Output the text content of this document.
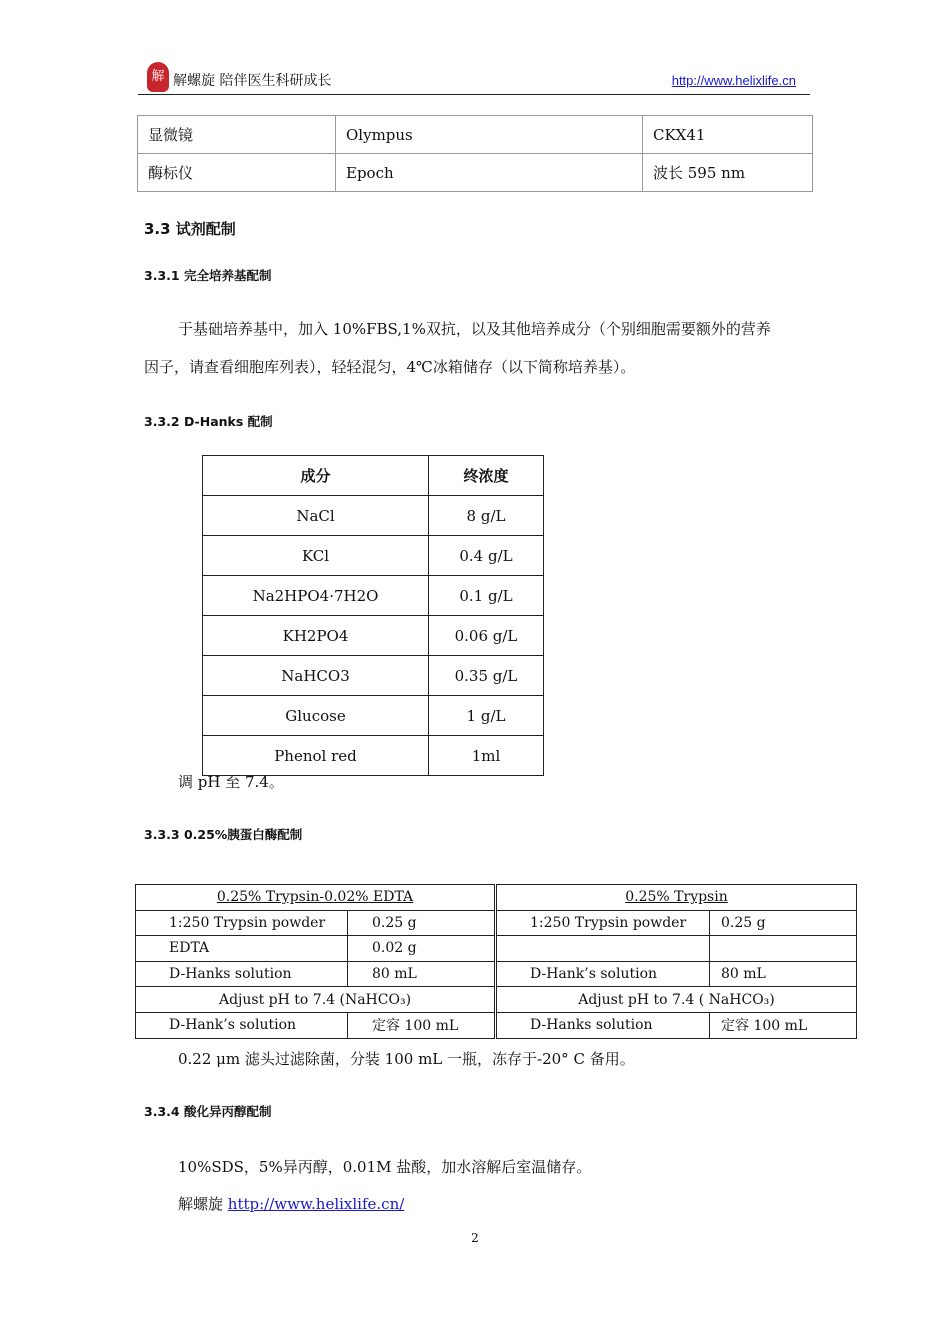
解 解螺旋 陪伴医生科研成长	http://www.helixlife.cn
显微镜	Olympus	CKX41
酶标仪	Epoch	波长 595 nm
3.3 试剂配制
3.3.1 完全培养基配制
于基础培养基中，加入 10%FBS,1%双抗，以及其他培养成分（个别细胞需要额外的营养
因子，请查看细胞库列表），轻轻混匀，4℃冰箱储存（以下简称培养基）。
3.3.2 D-Hanks 配制
成分	终浓度
NaCl	8 g/L
KCl	0.4 g/L
Na2HPO4·7H2O	0.1 g/L
KH2PO4	0.06 g/L
NaHCO3	0.35 g/L
Glucose	1 g/L
Phenol red	1ml
调 pH 至 7.4。
3.3.3 0.25%胰蛋白酶配制
0.25% Trypsin-0.02% EDTA			0.25% Trypsin	
1:250 Trypsin powder	0.25 g		1:250 Trypsin powder	0.25 g
EDTA	0.02 g			
D-Hanks solution	80 mL		D-Hank’s solution	80 mL
Adjust pH to 7.4 (NaHCO₃)			Adjust pH to 7.4 ( NaHCO₃)	
D-Hank’s solution	定容 100 mL		D-Hanks solution	定容 100 mL
0.22 μm 滤头过滤除菌，分装 100 mL 一瓶，冻存于-20° C 备用。
3.3.4 酸化异丙醇配制
10%SDS，5%异丙醇，0.01M 盐酸，加水溶解后室温储存。
解螺旋 http://www.helixlife.cn/
2
